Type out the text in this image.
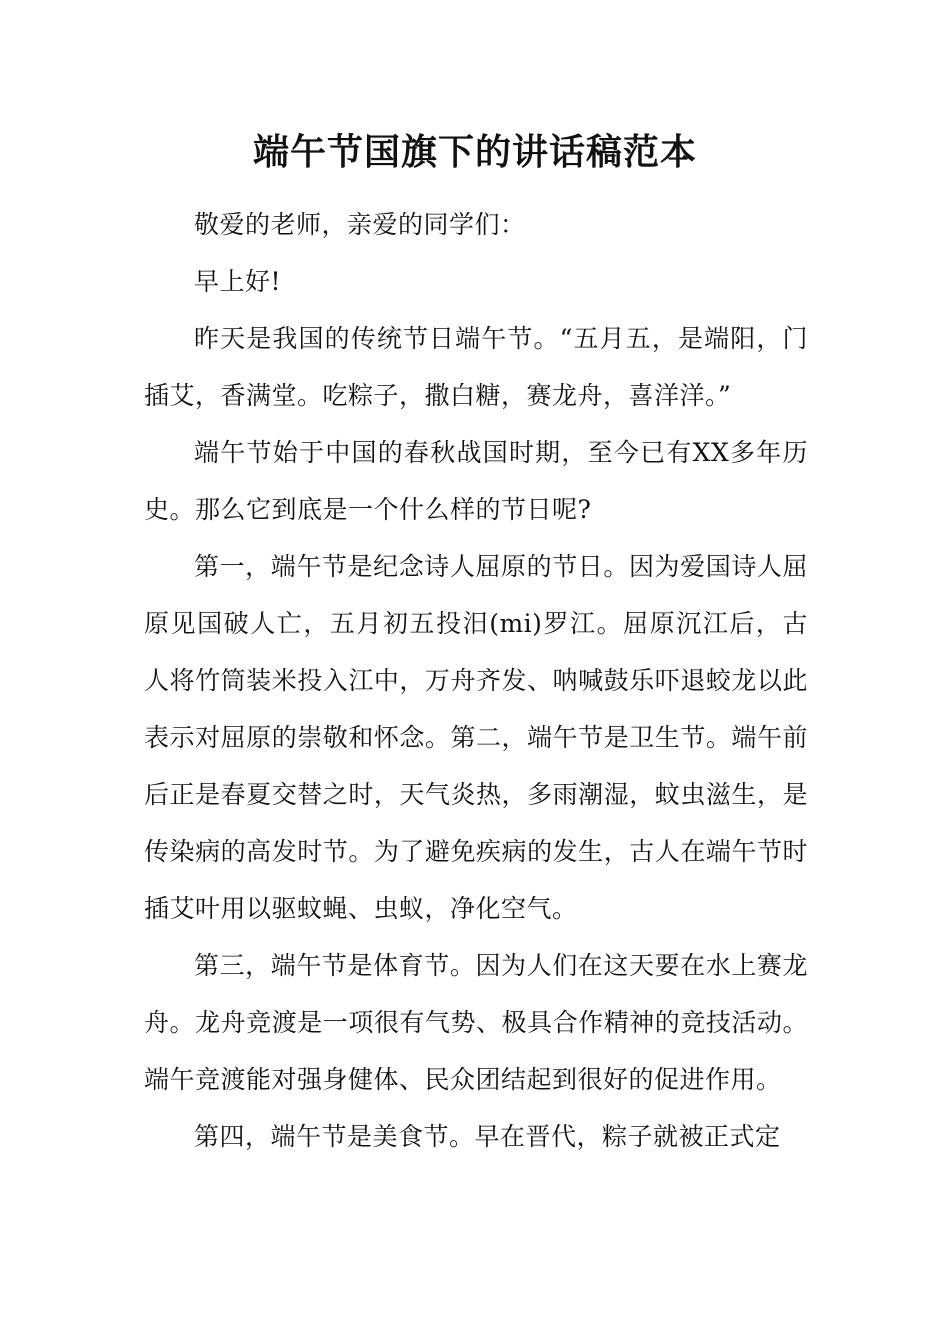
端午节国旗下的讲话稿范本

敬爱的老师，亲爱的同学们：

早上好!

昨天是我国的传统节日端午节。“五月五，是端阳，门插艾，香满堂。吃粽子，撒白糖，赛龙舟，喜洋洋。”

端午节始于中国的春秋战国时期，至今已有XX多年历史。那么它到底是一个什么样的节日呢?

第一，端午节是纪念诗人屈原的节日。因为爱国诗人屈原见国破人亡，五月初五投汨(mi)罗江。屈原沉江后，古人将竹筒装米投入江中，万舟齐发、呐喊鼓乐吓退蛟龙以此表示对屈原的崇敬和怀念。第二，端午节是卫生节。端午前后正是春夏交替之时，天气炎热，多雨潮湿，蚊虫滋生，是传染病的高发时节。为了避免疾病的发生，古人在端午节时插艾叶用以驱蚊蝇、虫蚁，净化空气。

第三，端午节是体育节。因为人们在这天要在水上赛龙舟。龙舟竞渡是一项很有气势、极具合作精神的竞技活动。端午竞渡能对强身健体、民众团结起到很好的促进作用。

第四，端午节是美食节。早在晋代，粽子就被正式定
